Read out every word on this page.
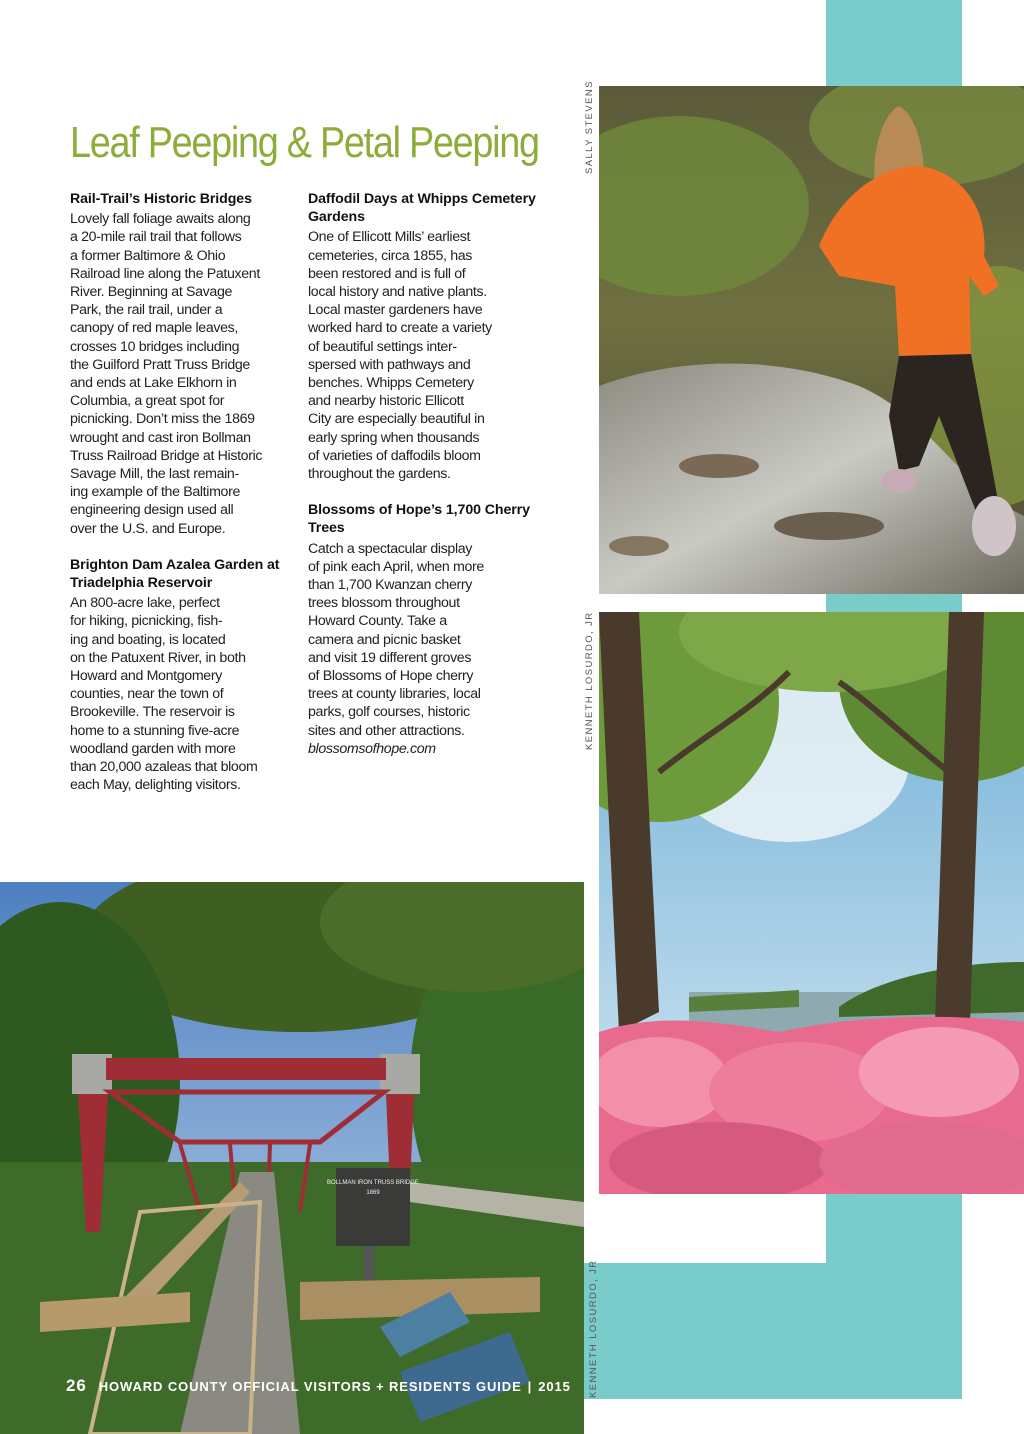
Leaf Peeping & Petal Peeping
Rail-Trail’s Historic Bridges

Lovely fall foliage awaits along
a 20-mile rail trail that follows
a former Baltimore & Ohio
Railroad line along the Patuxent
River. Beginning at Savage
Park, the rail trail, under a
canopy of red maple leaves,
crosses 10 bridges including
the Guilford Pratt Truss Bridge
and ends at Lake Elkhorn in
Columbia, a great spot for
picnicking. Don’t miss the 1869
wrought and cast iron Bollman
Truss Railroad Bridge at Historic
Savage Mill, the last remain-
ing example of the Baltimore
engineering design used all
over the U.S. and Europe.

Brighton Dam Azalea Garden at Triadelphia Reservoir

An 800-acre lake, perfect
for hiking, picnicking, fish-
ing and boating, is located
on the Patuxent River, in both
Howard and Montgomery
counties, near the town of
Brookeville. The reservoir is
home to a stunning five-acre
woodland garden with more
than 20,000 azaleas that bloom
each May, delighting visitors.

Daffodil Days at Whipps Cemetery Gardens

One of Ellicott Mills’ earliest
cemeteries, circa 1855, has
been restored and is full of
local history and native plants.
Local master gardeners have
worked hard to create a variety
of beautiful settings inter-
spersed with pathways and
benches. Whipps Cemetery
and nearby historic Ellicott
City are especially beautiful in
early spring when thousands
of varieties of daffodils bloom
throughout the gardens.

Blossoms of Hope’s 1,700 Cherry Trees

Catch a spectacular display
of pink each April, when more
than 1,700 Kwanzan cherry
trees blossom throughout
Howard County. Take a
camera and picnic basket
and visit 19 different groves
of Blossoms of Hope cherry
trees at county libraries, local
parks, golf courses, historic
sites and other attractions.

blossomsofhope.com
BOLLMAN IRON TRUSS BRIDGE
1869
SALLY STEVENS
KENNETH LOSURDO, JR
KENNETH LOSURDO, JR
26 HOWARD COUNTY OFFICIAL VISITORS + RESIDENTS GUIDE | 2015
